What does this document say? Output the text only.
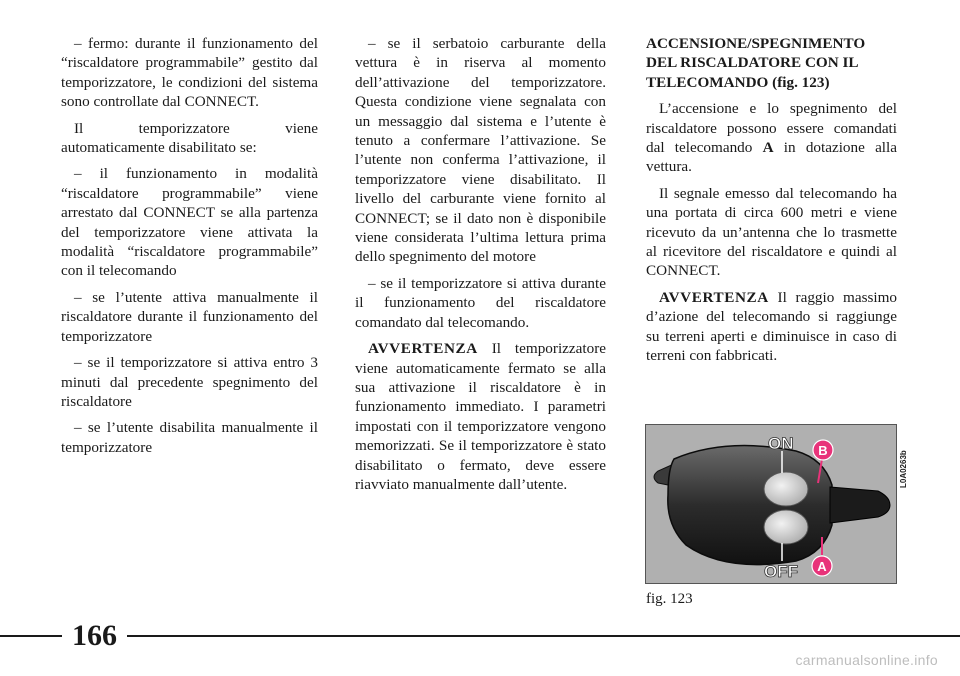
– fermo: durante il funzionamento del “riscaldatore programmabile” gestito dal temporizzatore, le condizioni del sistema sono controllate dal CONNECT.

Il temporizzatore viene automaticamente disabilitato se:

– il funzionamento in modalità “riscaldatore programmabile” viene arrestato dal CONNECT se alla partenza del temporizzatore viene attivata la modalità “riscaldatore programmabile” con il telecomando

– se l’utente attiva manualmente il riscaldatore durante il funzionamento del temporizzatore

– se il temporizzatore si attiva entro 3 minuti dal precedente spegnimento del riscaldatore

– se l’utente disabilita manualmente il temporizzatore

– se il serbatoio carburante della vettura è in riserva al momento dell’attivazione del temporizzatore. Questa condizione viene segnalata con un messaggio dal sistema e l’utente è tenuto a confermare l’attivazione. Se l’utente non conferma l’attivazione, il temporizzatore viene disabilitato. Il livello del carburante viene fornito al CONNECT; se il dato non è disponibile viene considerata l’ultima lettura prima dello spegnimento del motore

– se il temporizzatore si attiva durante il funzionamento del riscaldatore comandato dal telecomando.

AVVERTENZA Il temporizzatore viene automaticamente fermato se alla sua attivazione il riscaldatore è in funzionamento immediato. I parametri impostati con il temporizzatore vengono memorizzati. Se il temporizzatore è stato disabilitato o fermato, deve essere riavviato manualmente dall’utente.

ACCENSIONE/SPEGNIMENTO DEL RISCALDATORE CON IL TELECOMANDO (fig. 123)

L’accensione e lo spegnimento del riscaldatore possono essere comandati dal telecomando A in dotazione alla vettura.

Il segnale emesso dal telecomando ha una portata di circa 600 metri e viene ricevuto da un’antenna che lo trasmette al ricevitore del riscaldatore e quindi al CONNECT.

AVVERTENZA Il raggio massimo d’azione del telecomando si raggiunge su terreni aperti e diminuisce in caso di terreni con fabbricati.

ON
OFF
B
A
L0A0263b
fig. 123
166
carmanualsonline.info
